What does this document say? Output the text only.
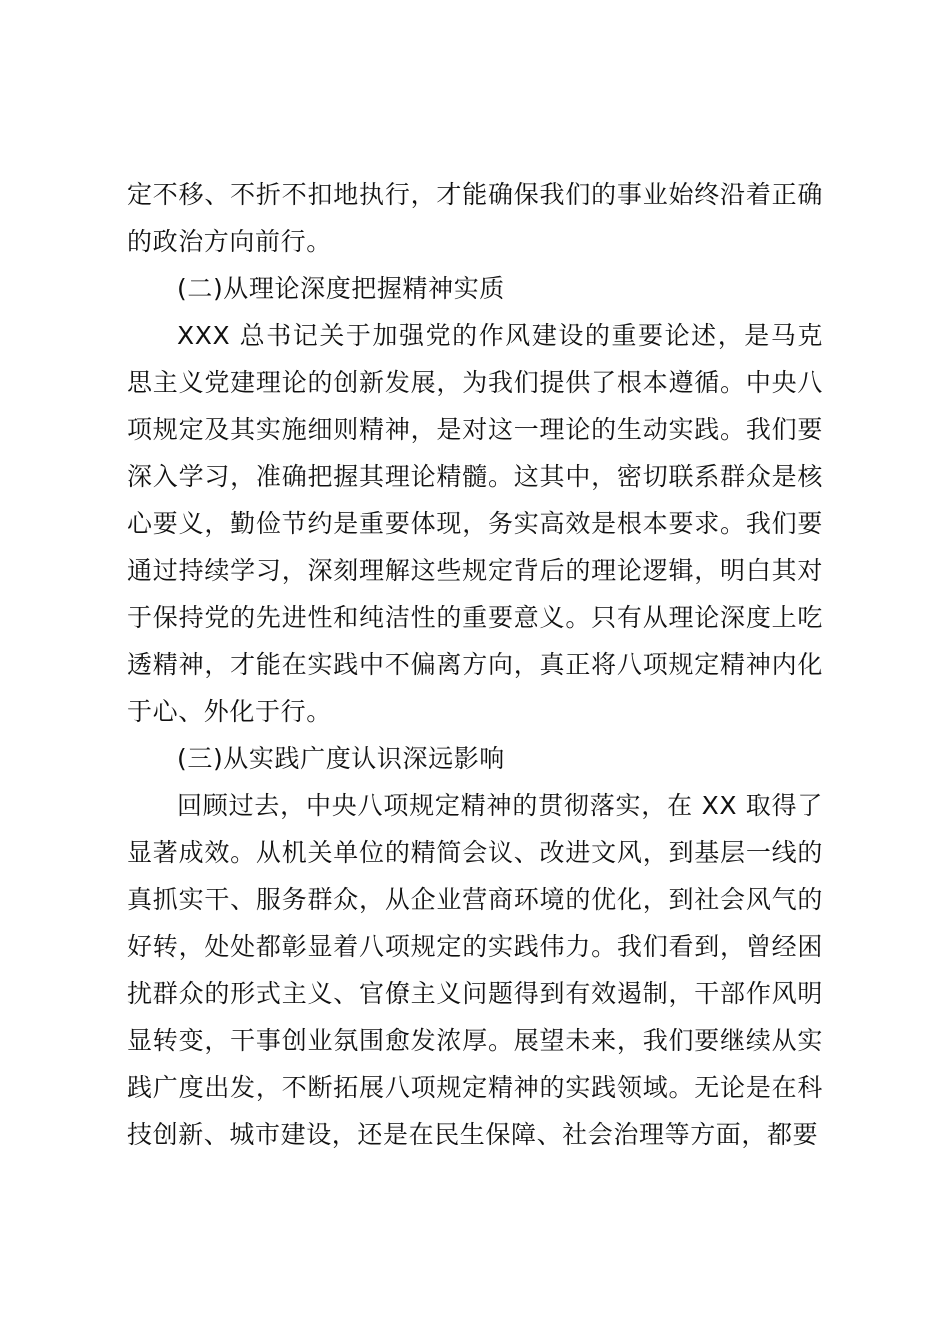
定不移、不折不扣地执行，才能确保我们的事业始终沿着正确的政治方向前行。

(二)从理论深度把握精神实质

XXX 总书记关于加强党的作风建设的重要论述，是马克思主义党建理论的创新发展，为我们提供了根本遵循。中央八项规定及其实施细则精神，是对这一理论的生动实践。我们要深入学习，准确把握其理论精髓。这其中，密切联系群众是核心要义，勤俭节约是重要体现，务实高效是根本要求。我们要通过持续学习，深刻理解这些规定背后的理论逻辑，明白其对于保持党的先进性和纯洁性的重要意义。只有从理论深度上吃透精神，才能在实践中不偏离方向，真正将八项规定精神内化于心、外化于行。

(三)从实践广度认识深远影响

回顾过去，中央八项规定精神的贯彻落实，在 XX 取得了显著成效。从机关单位的精简会议、改进文风，到基层一线的真抓实干、服务群众，从企业营商环境的优化，到社会风气的好转，处处都彰显着八项规定的实践伟力。我们看到，曾经困扰群众的形式主义、官僚主义问题得到有效遏制，干部作风明显转变，干事创业氛围愈发浓厚。展望未来，我们要继续从实践广度出发，不断拓展八项规定精神的实践领域。无论是在科技创新、城市建设，还是在民生保障、社会治理等方面，都要
